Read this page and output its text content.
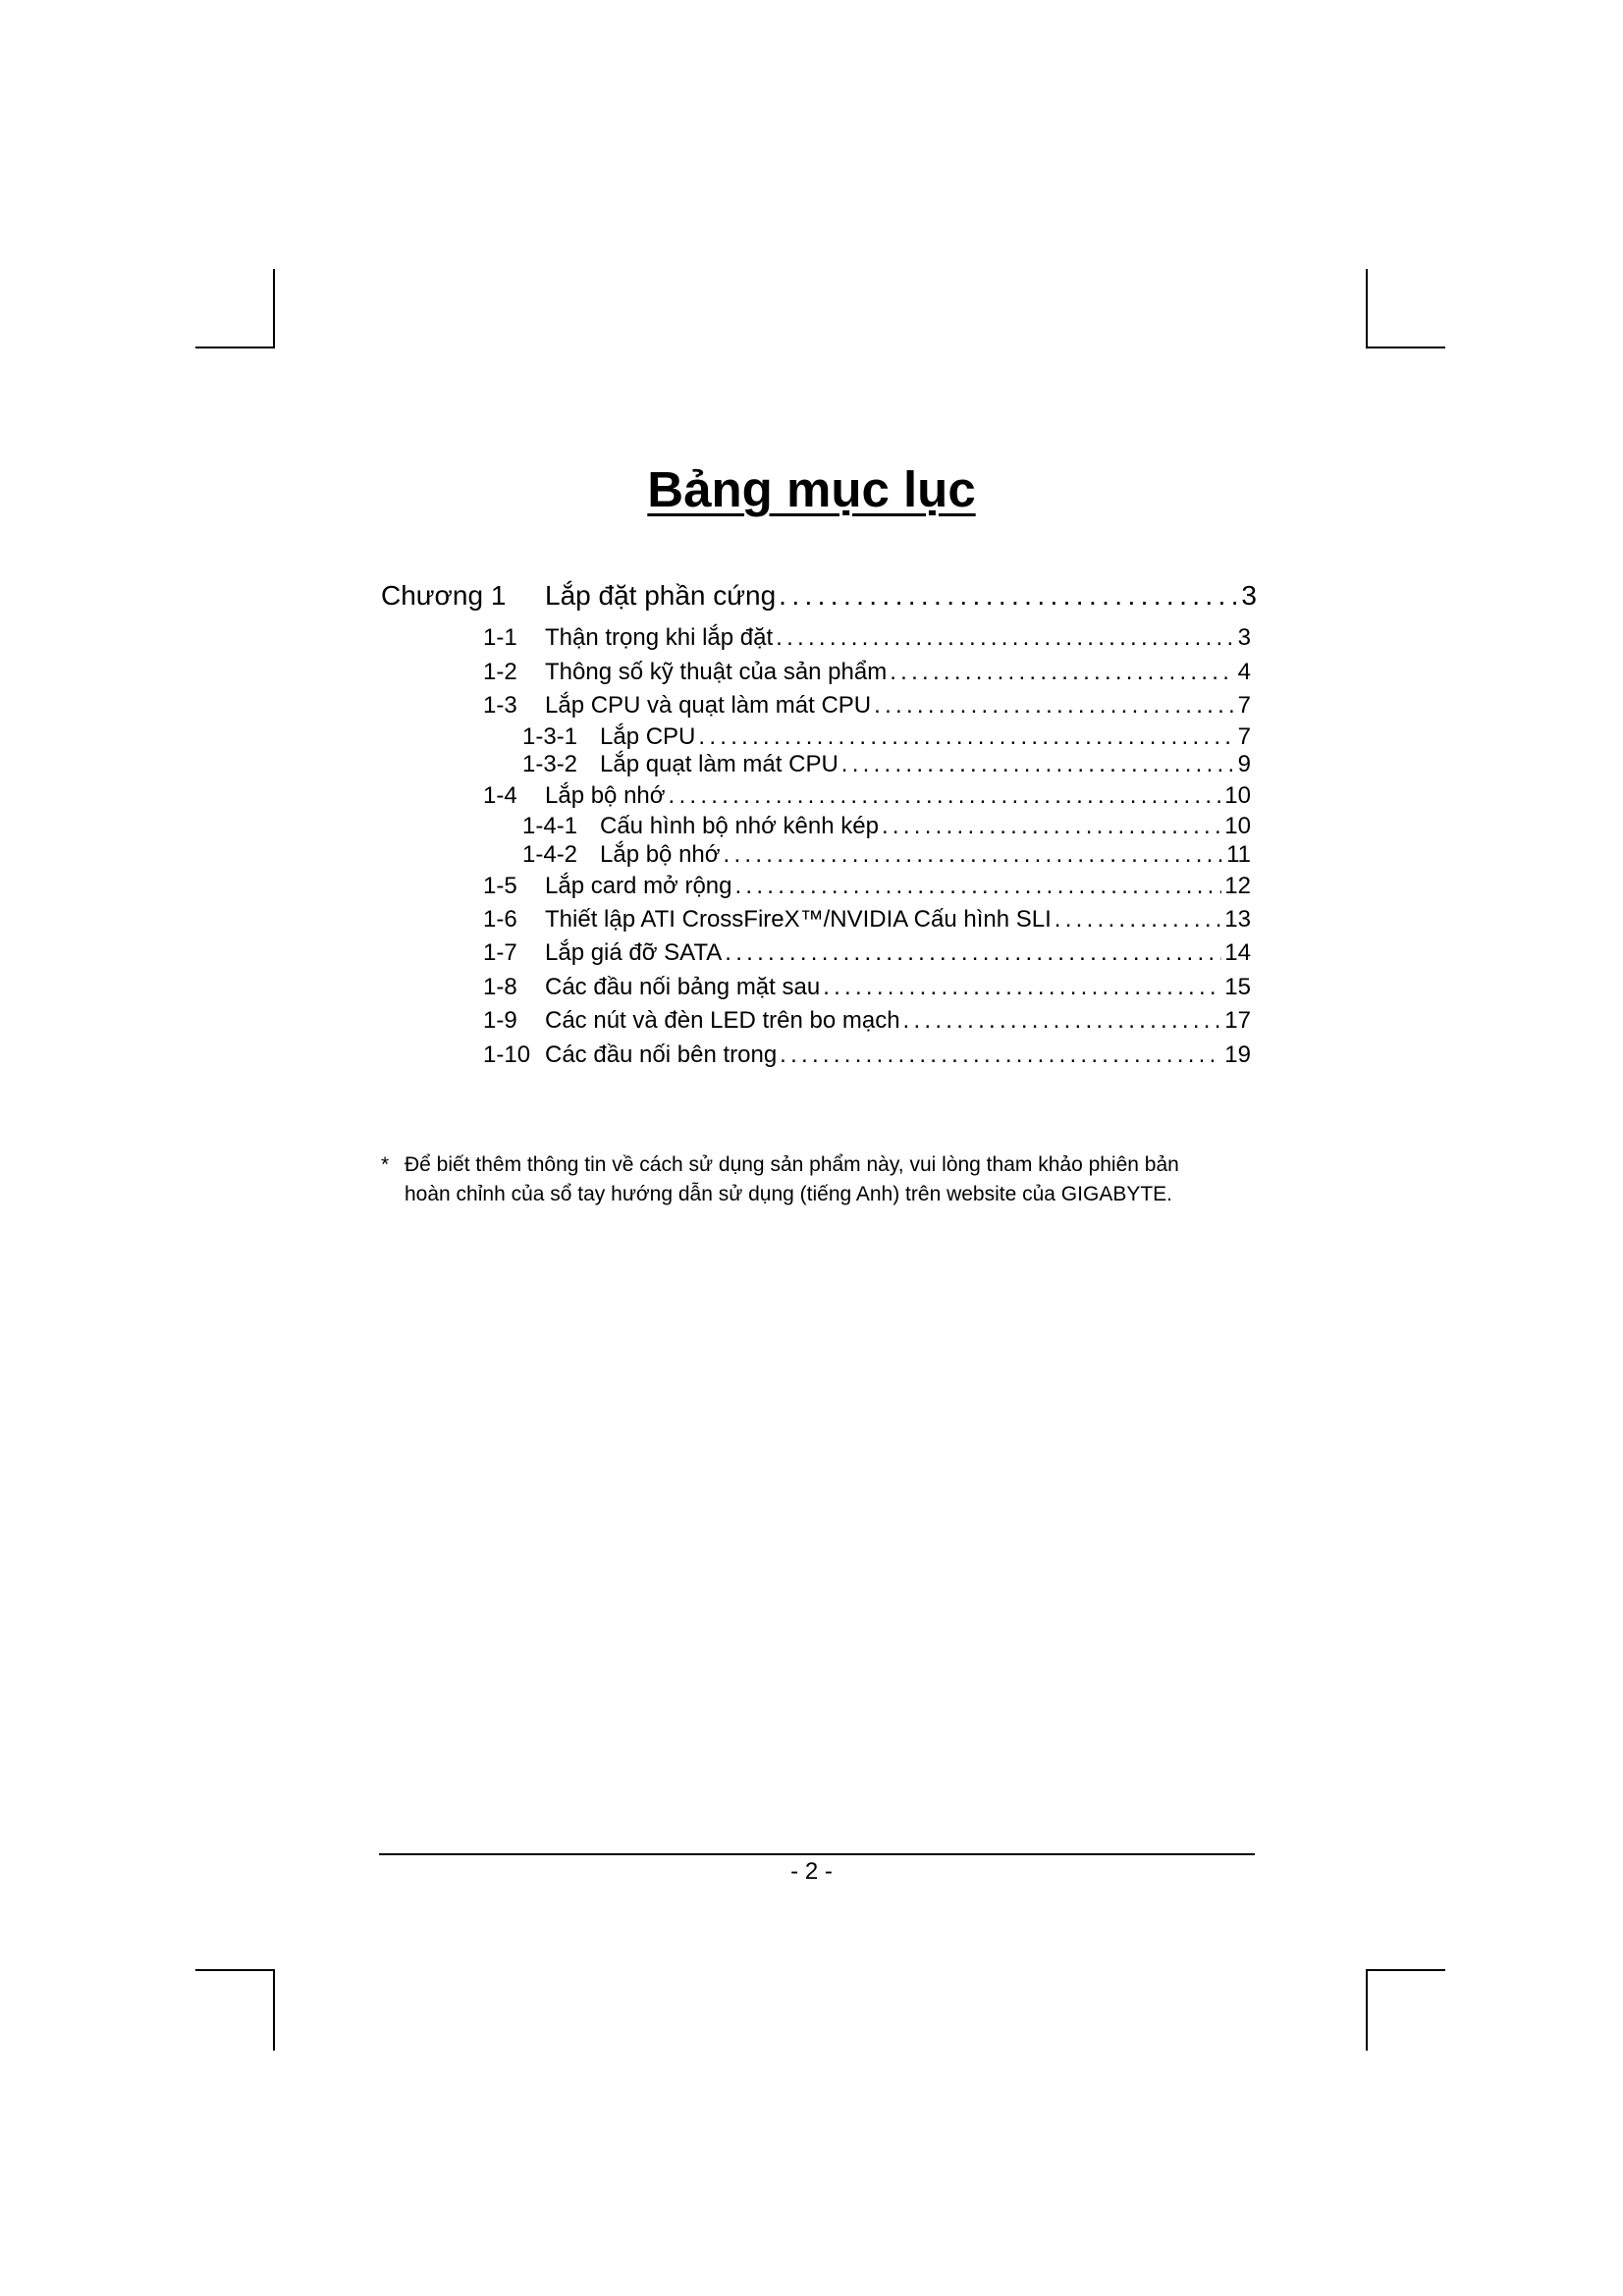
Bảng mục lục
Chương 1	Lắp đặt phần cứng . . .	3
1-1	Thận trọng khi lắp đặt . . .	3
1-2	Thông số kỹ thuật của sản phẩm . . .	4
1-3	Lắp CPU và quạt làm mát CPU . . .	7
1-3-1 Lắp CPU . . .	7
1-3-2 Lắp quạt làm mát CPU . . .	9
1-4	Lắp bộ nhớ . . .	10
1-4-1 Cấu hình bộ nhớ kênh kép . . .	10
1-4-2 Lắp bộ nhớ . . .	11
1-5	Lắp card mở rộng . . .	12
1-6	Thiết lập ATI CrossFireX™/NVIDIA Cấu hình SLI . . .	13
1-7	Lắp giá đỡ SATA . . .	14
1-8	Các đầu nối bảng mặt sau . . .	15
1-9	Các nút và đèn LED trên bo mạch . . .	17
1-10 Các đầu nối bên trong . . .	19
* Để biết thêm thông tin về cách sử dụng sản phẩm này, vui lòng tham khảo phiên bản
hoàn chỉnh của sổ tay hướng dẫn sử dụng (tiếng Anh) trên website của GIGABYTE.
- 2 -
